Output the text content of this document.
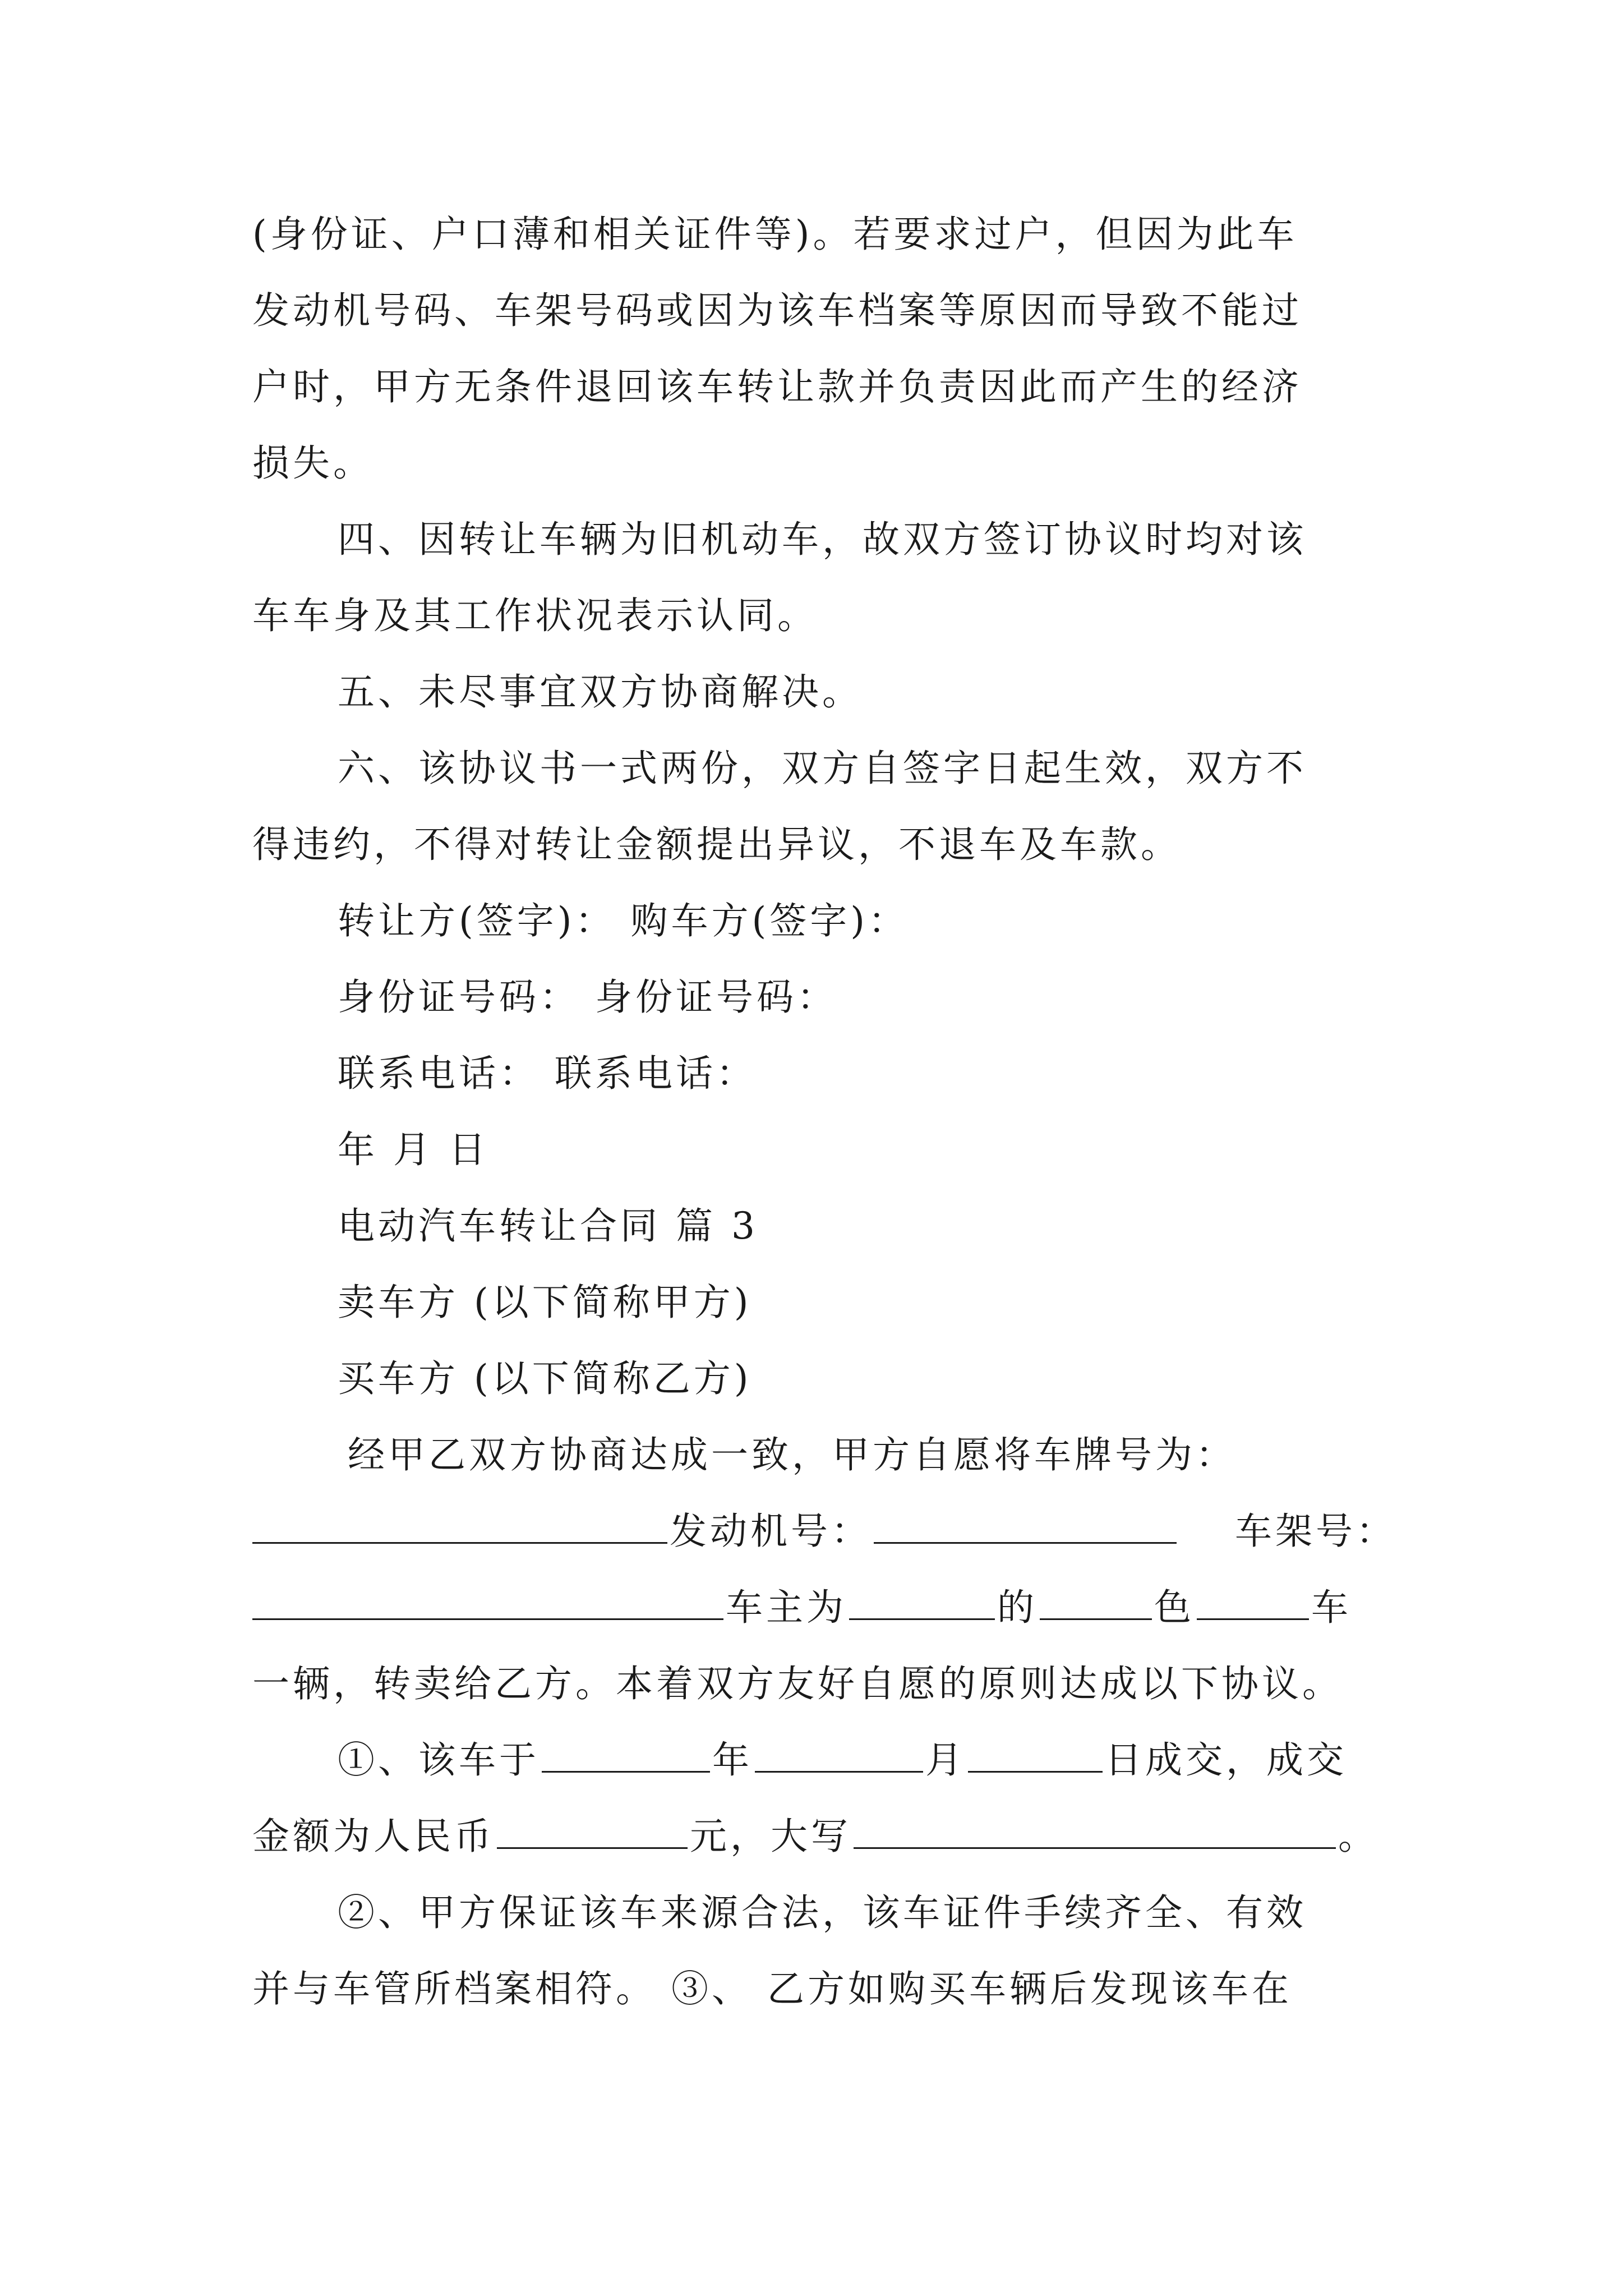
(身份证、户口薄和相关证件等)。若要求过户，但因为此车
发动机号码、车架号码或因为该车档案等原因而导致不能过
户时，甲方无条件退回该车转让款并负责因此而产生的经济
损失。
四、因转让车辆为旧机动车，故双方签订协议时均对该
车车身及其工作状况表示认同。
五、未尽事宜双方协商解决。
六、该协议书一式两份，双方自签字日起生效，双方不
得违约，不得对转让金额提出异议，不退车及车款。
转让方(签字)： 购车方(签字)：
身份证号码： 身份证号码：
联系电话： 联系电话：
年 月 日
电动汽车转让合同 篇 3
卖车方 (以下简称甲方)
买车方 (以下简称乙方)
经甲乙双方协商达成一致，甲方自愿将车牌号为：
发动机号：	车架号：
车主为	的	色	车
一辆，转卖给乙方。本着双方友好自愿的原则达成以下协议。
①、该车于	年	月	日成交，成交
金额为人民币	元，大写	。
②、甲方保证该车来源合法，该车证件手续齐全、有效
并与车管所档案相符。 ③、 乙方如购买车辆后发现该车在
